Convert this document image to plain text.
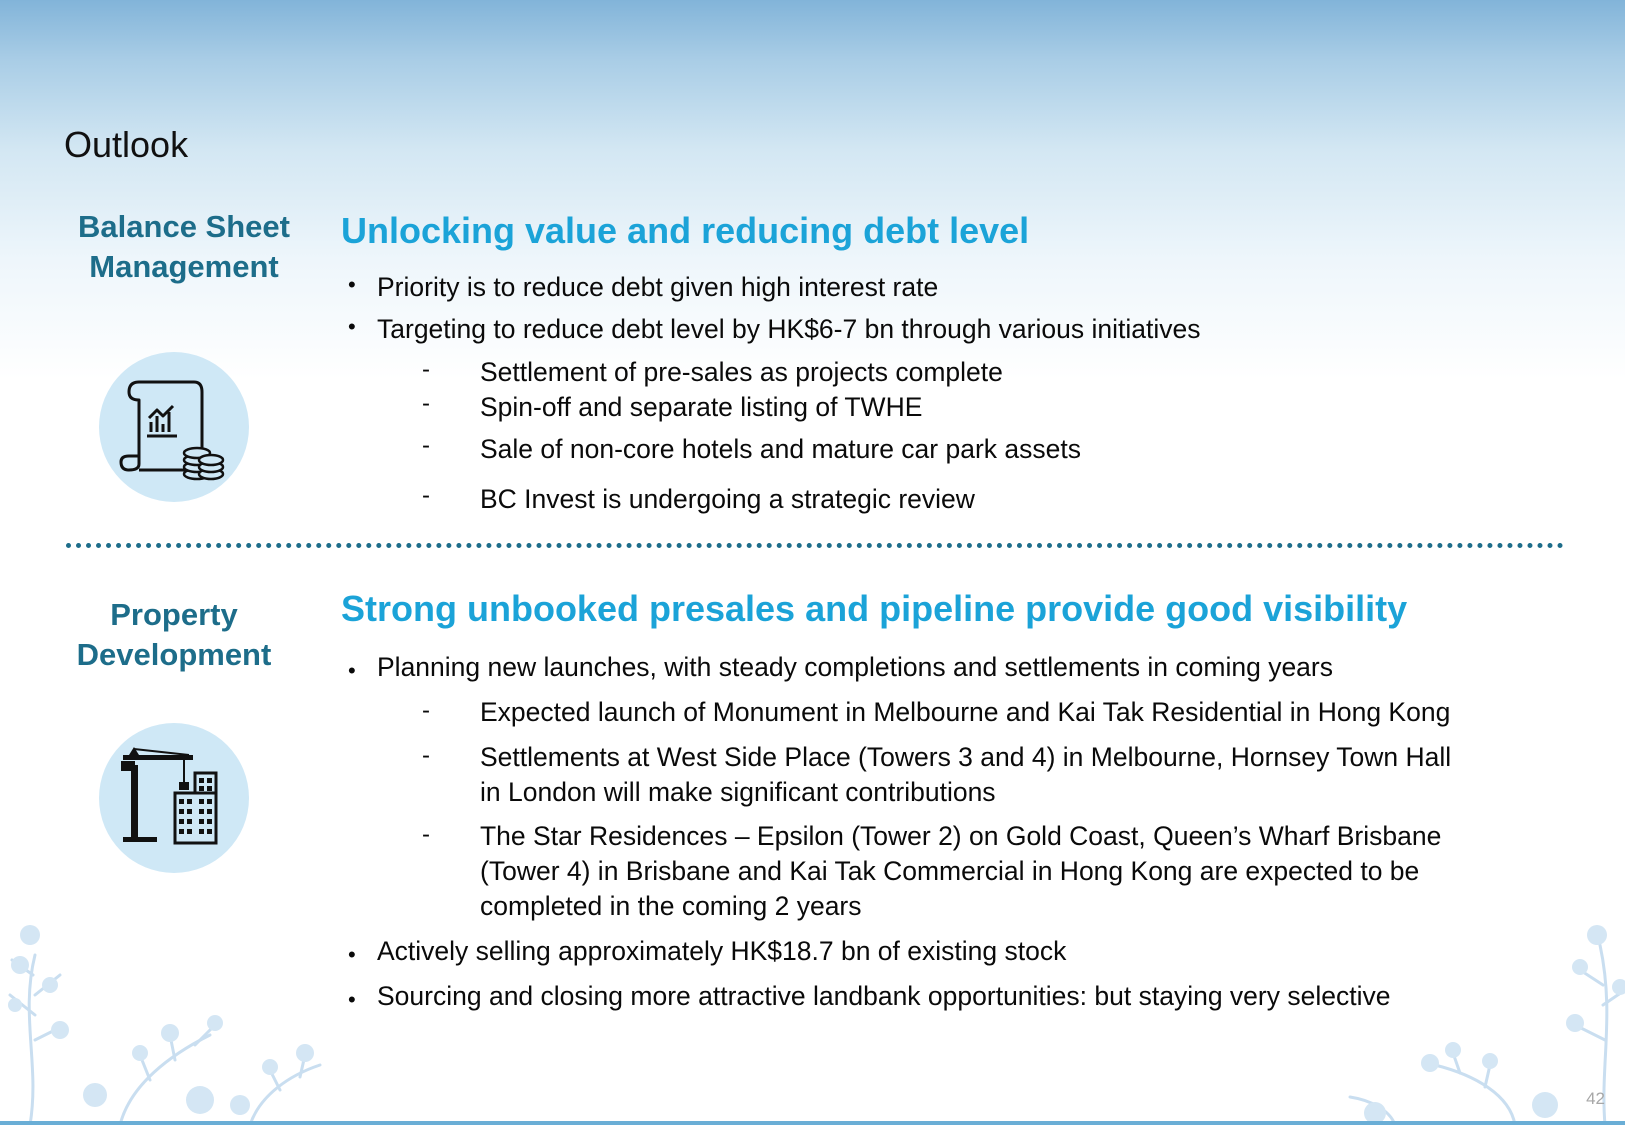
42
Outlook
Balance Sheet
Management
Unlocking value and reducing debt level
• Priority is to reduce debt given high interest rate
• Targeting to reduce debt level by HK$6-7 bn through various initiatives
- Settlement of pre-sales as projects complete
- Spin-off and separate listing of TWHE
- Sale of non-core hotels and mature car park assets
- BC Invest is undergoing a strategic review
Property
Development
Strong unbooked presales and pipeline provide good visibility
• Planning new launches, with steady completions and settlements in coming years
- Expected launch of Monument in Melbourne and Kai Tak Residential in Hong Kong
- Settlements at West Side Place (Towers 3 and 4) in Melbourne, Hornsey Town Hall
in London will make significant contributions
- The Star Residences – Epsilon (Tower 2) on Gold Coast, Queen’s Wharf Brisbane
(Tower 4) in Brisbane and Kai Tak Commercial in Hong Kong are expected to be
completed in the coming 2 years
• Actively selling approximately HK$18.7 bn of existing stock
• Sourcing and closing more attractive landbank opportunities: but staying very selective
